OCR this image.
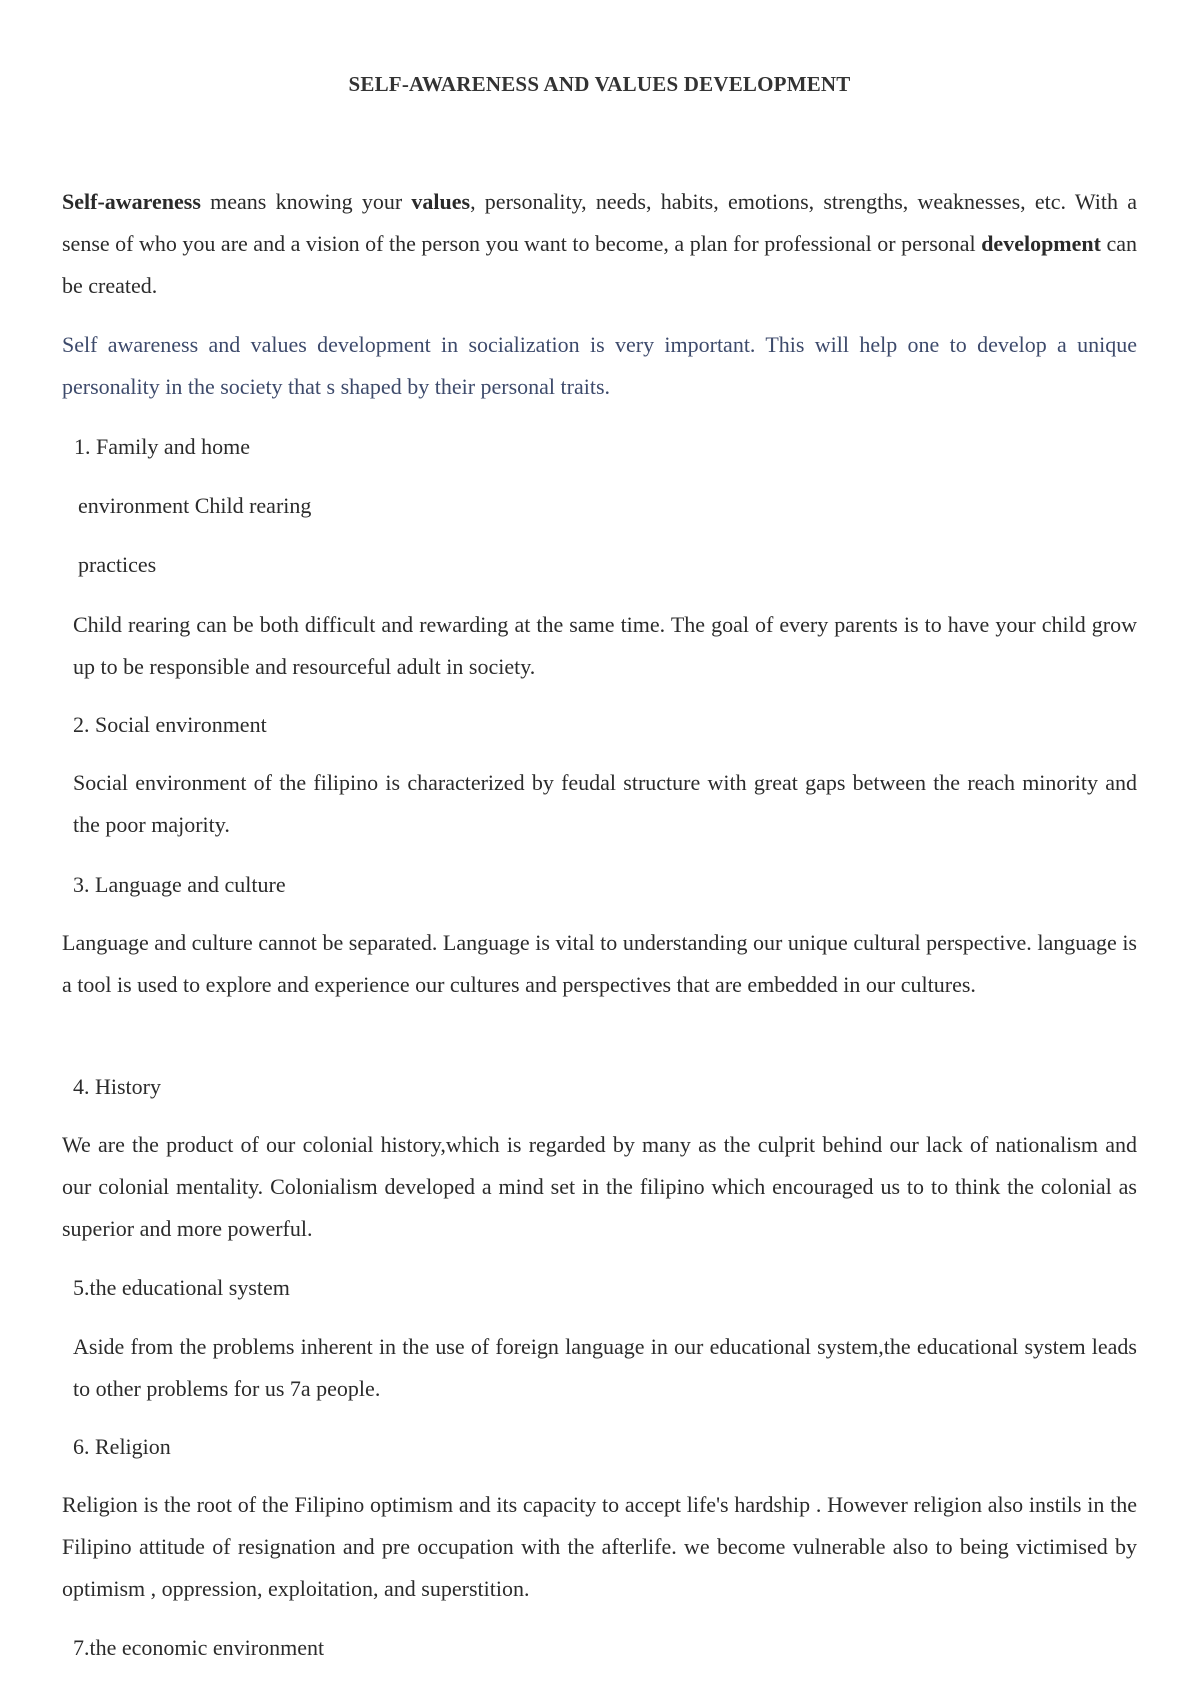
SELF-AWARENESS AND VALUES DEVELOPMENT

Self-awareness means knowing your values, personality, needs, habits, emotions, strengths, weaknesses, etc. With a sense of who you are and a vision of the person you want to become, a plan for professional or personal development can be created.

Self awareness and values development in socialization is very important. This will help one to develop a unique personality in the society that s shaped by their personal traits.

1. Family and home
environment Child rearing
practices

Child rearing can be both difficult and rewarding at the same time. The goal of every parents is to have your child grow up to be responsible and resourceful adult in society.

2. Social environment

Social environment of the filipino is characterized by feudal structure with great gaps between the reach minority and the poor majority.

3. Language and culture

Language and culture cannot be separated. Language is vital to understanding our unique cultural perspective. language is a tool is used to explore and experience our cultures and perspectives that are embedded in our cultures.

4. History

We are the product of our colonial history,which is regarded by many as the culprit behind our lack of nationalism and our colonial mentality. Colonialism developed a mind set in the filipino which encouraged us to to think the colonial as superior and more powerful.

5.the educational system

Aside from the problems inherent in the use of foreign language in our educational system,the educational system leads to other problems for us 7a people.

6. Religion

Religion is the root of the Filipino optimism and its capacity to accept life's hardship . However religion also instils in the Filipino attitude of resignation and pre occupation with the afterlife. we become vulnerable also to being victimised by optimism , oppression, exploitation, and superstition.

7.the economic environment
